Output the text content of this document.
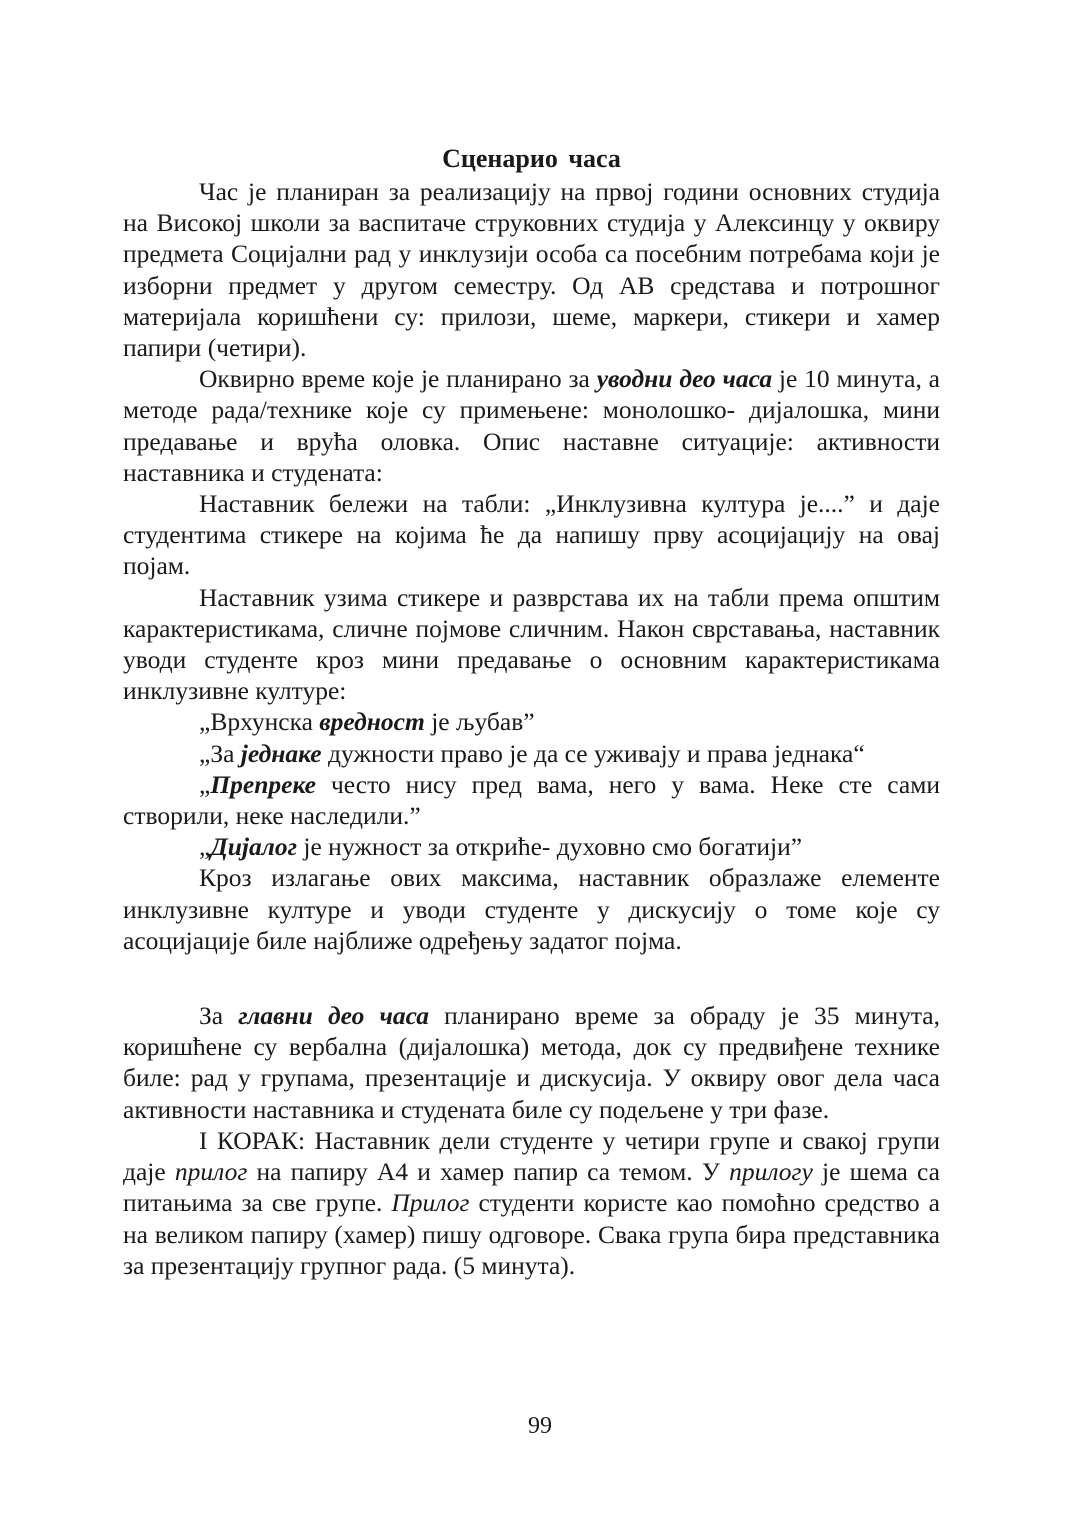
Сценарио часа

Час је планиран за реализацију на првој години основних студија на Високој школи за васпитаче струковних студија у Алексинцу у оквиру предмета Социјални рад у инклузији особа са посебним потребама који је изборни предмет у другом семестру. Од АВ средстава и потрошног материјала коришћени су: прилози, шеме, маркери, стикери и хамер папири (четири).

Оквирно време које је планирано за уводни део часа је 10 минута, а методе рада/технике које су примењене: монолошко- дијалошка, мини предавање и врућа оловка. Опис наставне ситуације: активности наставника и студената:

Наставник бележи на табли: „Инклузивна култура је....” и даје студентима стикере на којима ће да напишу прву асоцијацију на овај појам.

Наставник узима стикере и разврстава их на табли према општим карактеристикама, сличне појмове сличним. Након сврставања, наставник уводи студенте кроз мини предавање о основним карактеристикама инклузивне културе:

„Врхунска вредност је љубав”

„За једнаке дужности право је да се уживају и права једнака“

„Препреке често нису пред вама, него у вама. Неке сте сами створили, неке наследили.”

„Дијалог је нужност за откриће- духовно смо богатији”

Кроз излагање ових максима, наставник образлаже елементе инклузивне културе и уводи студенте у дискусију о томе које су асоцијације биле најближе одређењу задатог појма.

За главни део часа планирано време за обраду је 35 минута, коришћене су вербална (дијалошка) метода, док су предвиђене технике биле: рад у групама, презентације и дискусија. У оквиру овог дела часа активности наставника и студената биле су подељене у три фазе.

I КОРАК: Наставник дели студенте у четири групе и свакој групи даје прилог на папиру А4 и хамер папир са темом. У прилогу је шема са питањима за све групе. Прилог студенти користе као помоћно средство а на великом папиру (хамер) пишу одговоре. Свака група бира представника за презентацију групног рада. (5 минута).

99
